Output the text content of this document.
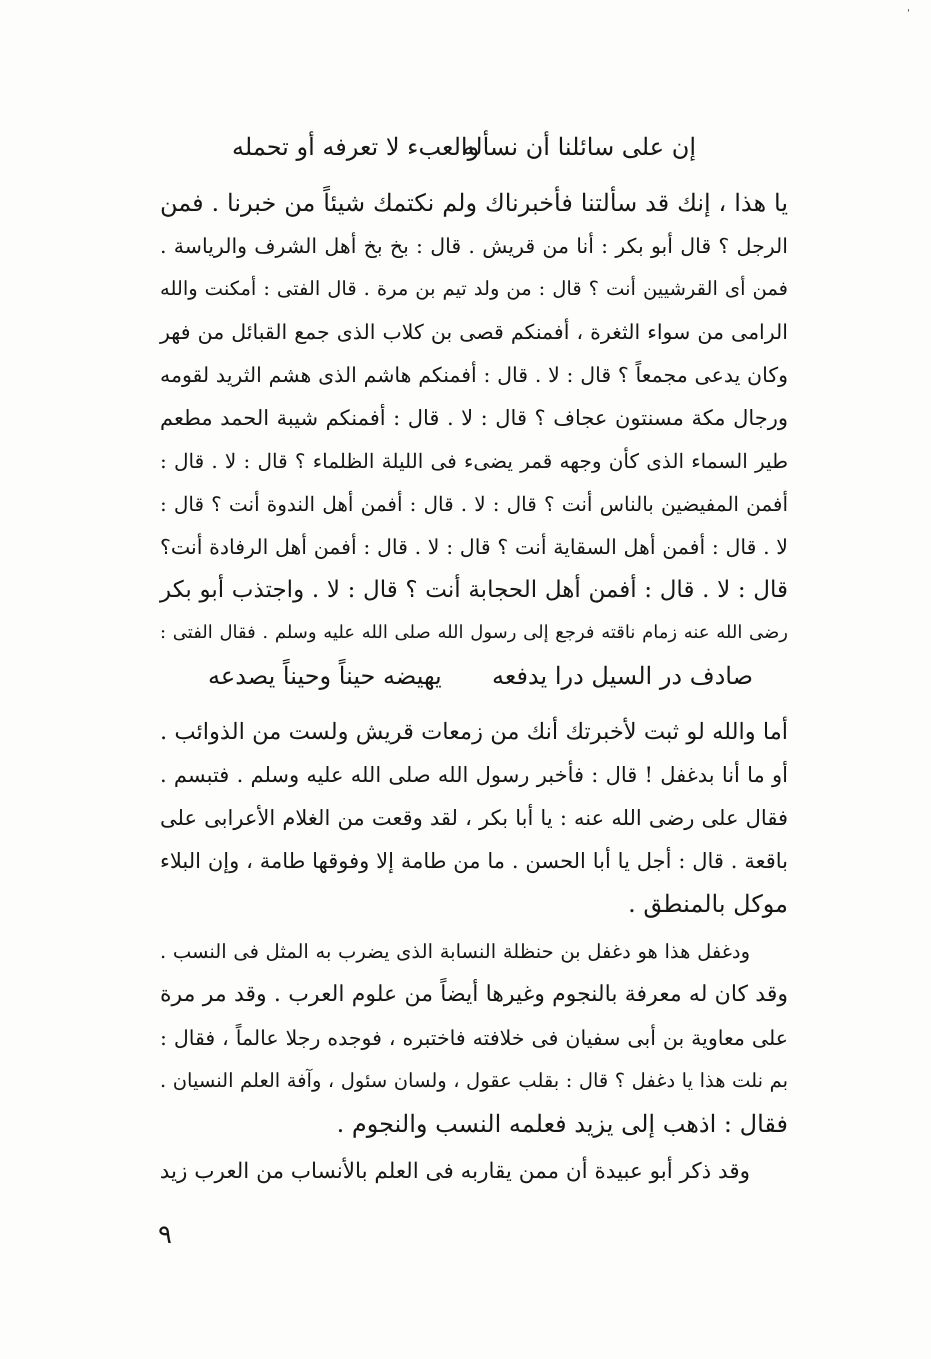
'
إن على سائلنا أن نسأله
والعبء لا تعرفه أو تحمله
يا هذا ، إنك قد سألتنا فأخبرناك ولم نكتمك شيئاً من خبرنا . فمن
الرجل ؟ قال أبو بكر : أنا من قريش . قال : بخ بخ أهل الشرف والرياسة .
فمن أى القرشيين أنت ؟ قال : من ولد تيم بن مرة . قال الفتى : أمكنت والله
الرامى من سواء الثغرة ، أفمنكم قصى بن كلاب الذى جمع القبائل من فهر
وكان يدعى مجمعاً ؟ قال : لا . قال : أفمنكم هاشم الذى هشم الثريد لقومه
ورجال مكة مسنتون عجاف ؟ قال : لا . قال : أفمنكم شيبة الحمد مطعم
طير السماء الذى كأن وجهه قمر يضىء فى الليلة الظلماء ؟ قال : لا . قال :
أفمن المفيضين بالناس أنت ؟ قال : لا . قال : أفمن أهل الندوة أنت ؟ قال :
لا . قال : أفمن أهل السقاية أنت ؟ قال : لا . قال : أفمن أهل الرفادة أنت؟
قال : لا . قال : أفمن أهل الحجابة أنت ؟ قال : لا . واجتذب أبو بكر
رضى الله عنه زمام ناقته فرجع إلى رسول الله صلى الله عليه وسلم . فقال الفتى :
صادف در السيل درا يدفعه
يهيضه حيناً وحيناً يصدعه
أما والله لو ثبت لأخبرتك أنك من زمعات قريش ولست من الذوائب .
أو ما أنا بدغفل ! قال : فأخبر رسول الله صلى الله عليه وسلم . فتبسم .
فقال على رضى الله عنه : يا أبا بكر ، لقد وقعت من الغلام الأعرابى على
باقعة . قال : أجل يا أبا الحسن . ما من طامة إلا وفوقها طامة ، وإن البلاء
موكل بالمنطق .
ودغفل هذا هو دغفل بن حنظلة النسابة الذى يضرب به المثل فى النسب .
وقد كان له معرفة بالنجوم وغيرها أيضاً من علوم العرب . وقد مر مرة
على معاوية بن أبى سفيان فى خلافته فاختبره ، فوجده رجلا عالماً ، فقال :
بم نلت هذا يا دغفل ؟ قال : بقلب عقول ، ولسان سئول ، وآفة العلم النسيان .
فقال : اذهب إلى يزيد فعلمه النسب والنجوم .
وقد ذكر أبو عبيدة أن ممن يقاربه فى العلم بالأنساب من العرب زيد
٩
